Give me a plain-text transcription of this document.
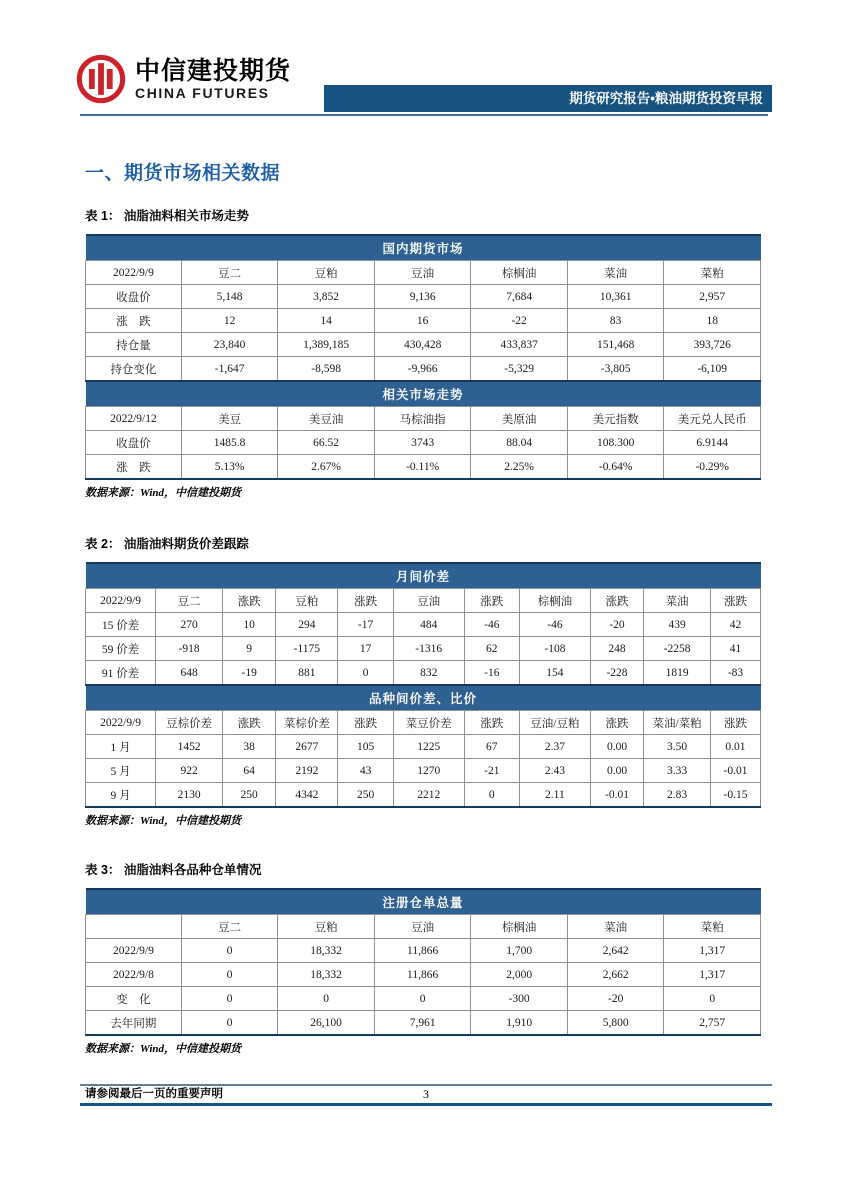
中信建投期货
CHINA FUTURES	期货研究报告•粮油期货投资早报
一、期货市场相关数据
表 1： 油脂油料相关市场走势
国内期货市场						
2022/9/9	豆二	豆粕	豆油	棕榈油	菜油	菜粕
收盘价	5,148	3,852	9,136	7,684	10,361	2,957
涨　跌	12	14	16	-22	83	18
持仓量	23,840	1,389,185	430,428	433,837	151,468	393,726
持仓变化	-1,647	-8,598	-9,966	-5,329	-3,805	-6,109
相关市场走势						
2022/9/12	美豆	美豆油	马棕油指	美原油	美元指数	美元兑人民币
收盘价	1485.8	66.52	3743	88.04	108.300	6.9144
涨　跌	5.13%	2.67%	-0.11%	2.25%	-0.64%	-0.29%
数据来源：Wind，中信建投期货
表 2： 油脂油料期货价差跟踪
月间价差										
2022/9/9	豆二	涨跌	豆粕	涨跌	豆油	涨跌	棕榈油	涨跌	菜油	涨跌
15 价差	270	10	294	-17	484	-46	-46	-20	439	42
59 价差	-918	9	-1175	17	-1316	62	-108	248	-2258	41
91 价差	648	-19	881	0	832	-16	154	-228	1819	-83
品种间价差、比价										
2022/9/9	豆棕价差	涨跌	菜棕价差	涨跌	菜豆价差	涨跌	豆油/豆粕	涨跌	菜油/菜粕	涨跌
1 月	1452	38	2677	105	1225	67	2.37	0.00	3.50	0.01
5 月	922	64	2192	43	1270	-21	2.43	0.00	3.33	-0.01
9 月	2130	250	4342	250	2212	0	2.11	-0.01	2.83	-0.15
数据来源：Wind，中信建投期货
表 3： 油脂油料各品种仓单情况
注册仓单总量						
	豆二	豆粕	豆油	棕榈油	菜油	菜粕
2022/9/9	0	18,332	11,866	1,700	2,642	1,317
2022/9/8	0	18,332	11,866	2,000	2,662	1,317
变　化	0	0	0	-300	-20	0
去年同期	0	26,100	7,961	1,910	5,800	2,757
数据来源：Wind，中信建投期货
3
请参阅最后一页的重要声明
